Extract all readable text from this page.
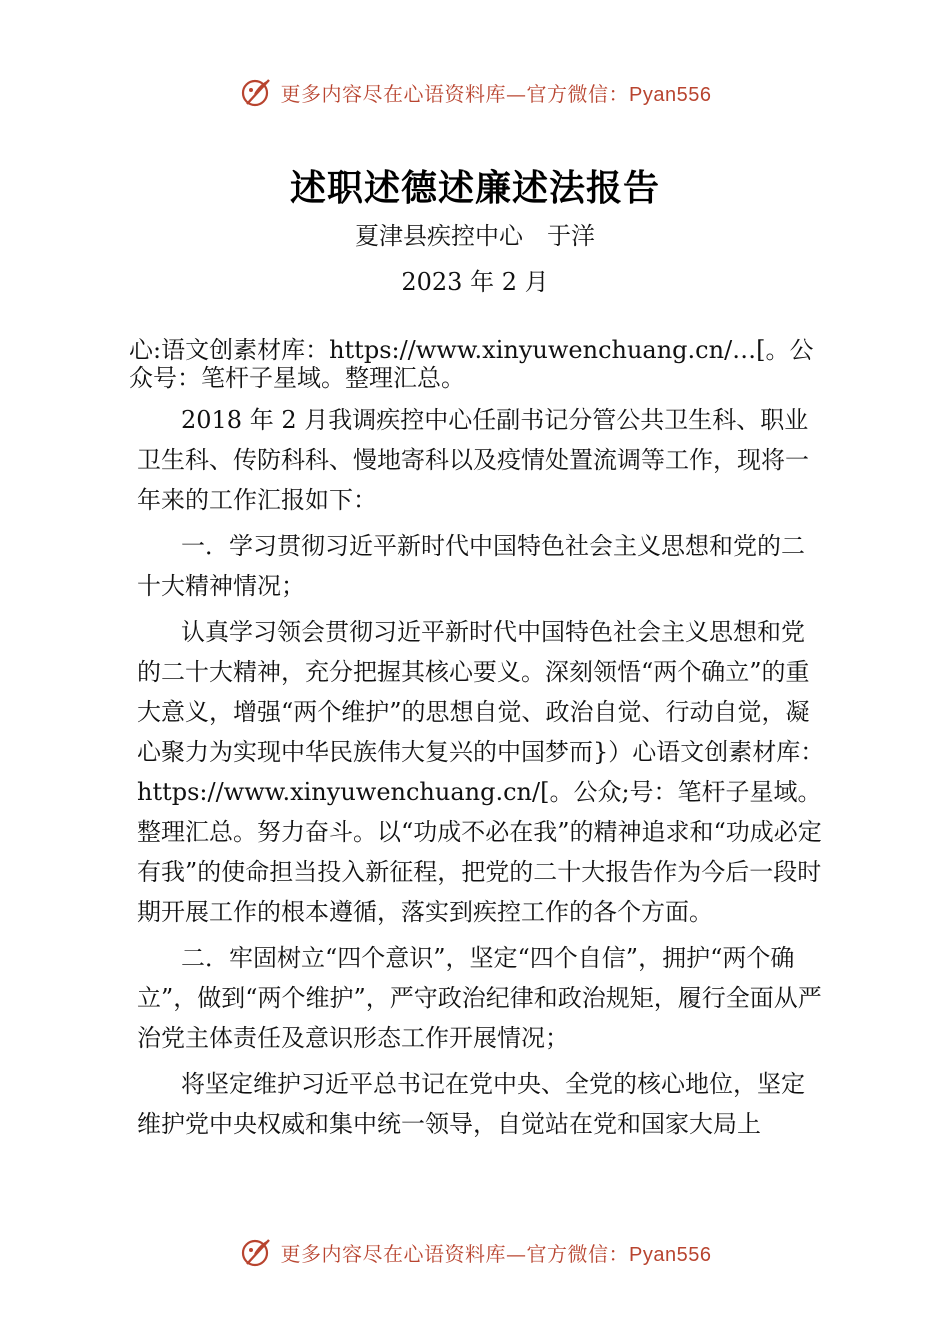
更多内容尽在心语资料库—官方微信：Pyan556
述职述德述廉述法报告
夏津县疾控中心　于洋
2023 年 2 月

心:语文创素材库：https://www.xinyuwenchuang.cn/…[。公众号：笔杆子星域。整理汇总。

2018 年 2 月我调疾控中心任副书记分管公共卫生科、职业卫生科、传防科科、慢地寄科以及疫情处置流调等工作，现将一年来的工作汇报如下：

一．学习贯彻习近平新时代中国特色社会主义思想和党的二十大精神情况；

认真学习领会贯彻习近平新时代中国特色社会主义思想和党的二十大精神，充分把握其核心要义。深刻领悟“两个确立”的重大意义，增强“两个维护”的思想自觉、政治自觉、行动自觉，凝心聚力为实现中华民族伟大复兴的中国梦而}）心语文创素材库：https://www.xinyuwenchuang.cn/[。公众;号：笔杆子星域。整理汇总。努力奋斗。以“功成不必在我”的精神追求和“功成必定有我”的使命担当投入新征程，把党的二十大报告作为今后一段时期开展工作的根本遵循，落实到疾控工作的各个方面。

二．牢固树立“四个意识”，坚定“四个自信”，拥护“两个确立”，做到“两个维护”，严守政治纪律和政治规矩，履行全面从严治党主体责任及意识形态工作开展情况；

将坚定维护习近平总书记在党中央、全党的核心地位，坚定维护党中央权威和集中统一领导，自觉站在党和国家大局上

更多内容尽在心语资料库—官方微信：Pyan556
